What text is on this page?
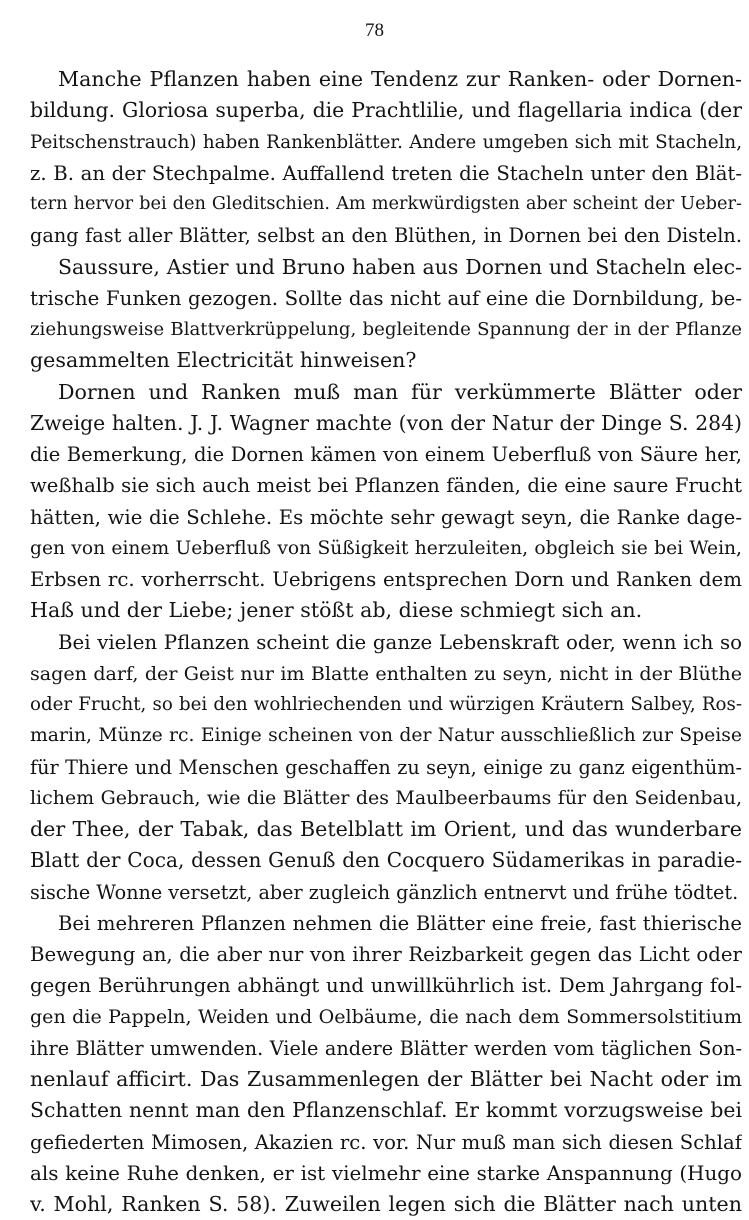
78
Manche Pflanzen haben eine Tendenz zur Ranken- oder Dornen-
bildung. Gloriosa superba, die Prachtlilie, und flagellaria indica (der
Peitschenstrauch) haben Rankenblätter. Andere umgeben sich mit Stacheln,
z. B. an der Stechpalme. Auffallend treten die Stacheln unter den Blät-
tern hervor bei den Gleditschien. Am merkwürdigsten aber scheint der Ueber-
gang fast aller Blätter, selbst an den Blüthen, in Dornen bei den Disteln.
Saussure, Astier und Bruno haben aus Dornen und Stacheln elec-
trische Funken gezogen. Sollte das nicht auf eine die Dornbildung, be-
ziehungsweise Blattverkrüppelung, begleitende Spannung der in der Pflanze
gesammelten Electricität hinweisen?
Dornen und Ranken muß man für verkümmerte Blätter oder
Zweige halten. J. J. Wagner machte (von der Natur der Dinge S. 284)
die Bemerkung, die Dornen kämen von einem Ueberfluß von Säure her,
weßhalb sie sich auch meist bei Pflanzen fänden, die eine saure Frucht
hätten, wie die Schlehe. Es möchte sehr gewagt seyn, die Ranke dage-
gen von einem Ueberfluß von Süßigkeit herzuleiten, obgleich sie bei Wein,
Erbsen rc. vorherrscht. Uebrigens entsprechen Dorn und Ranken dem
Haß und der Liebe; jener stößt ab, diese schmiegt sich an.
Bei vielen Pflanzen scheint die ganze Lebenskraft oder, wenn ich so
sagen darf, der Geist nur im Blatte enthalten zu seyn, nicht in der Blüthe
oder Frucht, so bei den wohlriechenden und würzigen Kräutern Salbey, Ros-
marin, Münze rc. Einige scheinen von der Natur ausschließlich zur Speise
für Thiere und Menschen geschaffen zu seyn, einige zu ganz eigenthüm-
lichem Gebrauch, wie die Blätter des Maulbeerbaums für den Seidenbau,
der Thee, der Tabak, das Betelblatt im Orient, und das wunderbare
Blatt der Coca, dessen Genuß den Cocquero Südamerikas in paradie-
sische Wonne versetzt, aber zugleich gänzlich entnervt und frühe tödtet.
Bei mehreren Pflanzen nehmen die Blätter eine freie, fast thierische
Bewegung an, die aber nur von ihrer Reizbarkeit gegen das Licht oder
gegen Berührungen abhängt und unwillkührlich ist. Dem Jahrgang fol-
gen die Pappeln, Weiden und Oelbäume, die nach dem Sommersolstitium
ihre Blätter umwenden. Viele andere Blätter werden vom täglichen Son-
nenlauf afficirt. Das Zusammenlegen der Blätter bei Nacht oder im
Schatten nennt man den Pflanzenschlaf. Er kommt vorzugsweise bei
gefiederten Mimosen, Akazien rc. vor. Nur muß man sich diesen Schlaf
als keine Ruhe denken, er ist vielmehr eine starke Anspannung (Hugo
v. Mohl, Ranken S. 58). Zuweilen legen sich die Blätter nach unten
